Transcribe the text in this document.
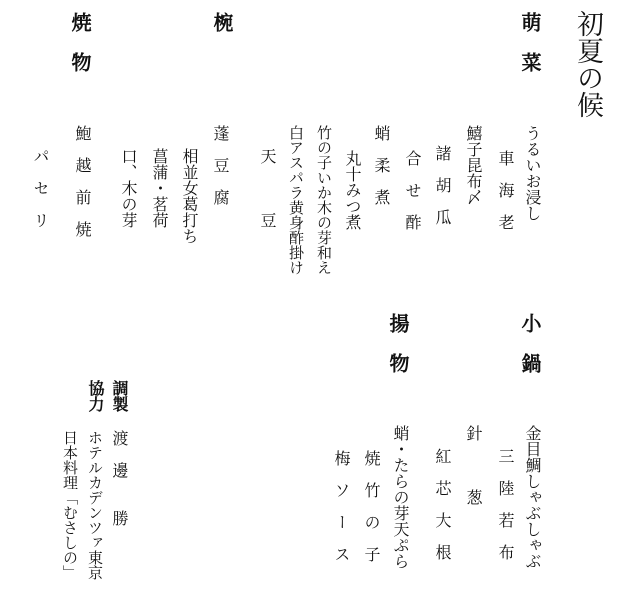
初夏の候
萌　菜
うるいお浸し
車　海　老
鱚子昆布〆
諸　胡　瓜
合　せ　酢
蛸　柔　煮
小　鍋
金目鯛しゃぶしゃぶ
三　陸　若　布
針　　　葱
揚　物
紅　芯　大　根
蛸・たらの芽天ぷら
焼　竹　の　子
梅　ソ　ー　ス
椀
丸十みつ煮
竹の子いか木の芽和え
白アスパラ黄身酢掛け
天　　　豆
蓬　豆　腐
相並女葛打ち
菖蒲・茗荷
口、木の芽
焼　物
鮑　越　前　焼
パ　セ　リ
調製
渡　邊　　勝
協力
ホテルカデンツァ東京
日本料理「むさしの」
